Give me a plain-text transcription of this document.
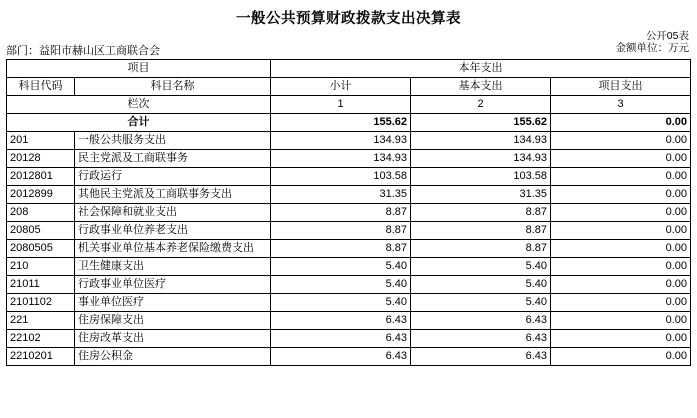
一般公共预算财政拨款支出决算表
公开05表
金额单位：万元
部门：益阳市赫山区工商联合会
项目		本年支出		
科目代码	科目名称	小计	基本支出	项目支出
栏次		1	2	3
合计		155.62	155.62	0.00
201	一般公共服务支出	134.93	134.93	0.00
20128	民主党派及工商联事务	134.93	134.93	0.00
2012801	行政运行	103.58	103.58	0.00
2012899	其他民主党派及工商联事务支出	31.35	31.35	0.00
208	社会保障和就业支出	8.87	8.87	0.00
20805	行政事业单位养老支出	8.87	8.87	0.00
2080505	机关事业单位基本养老保险缴费支出	8.87	8.87	0.00
210	卫生健康支出	5.40	5.40	0.00
21011	行政事业单位医疗	5.40	5.40	0.00
2101102	事业单位医疗	5.40	5.40	0.00
221	住房保障支出	6.43	6.43	0.00
22102	住房改革支出	6.43	6.43	0.00
2210201	住房公积金	6.43	6.43	0.00
